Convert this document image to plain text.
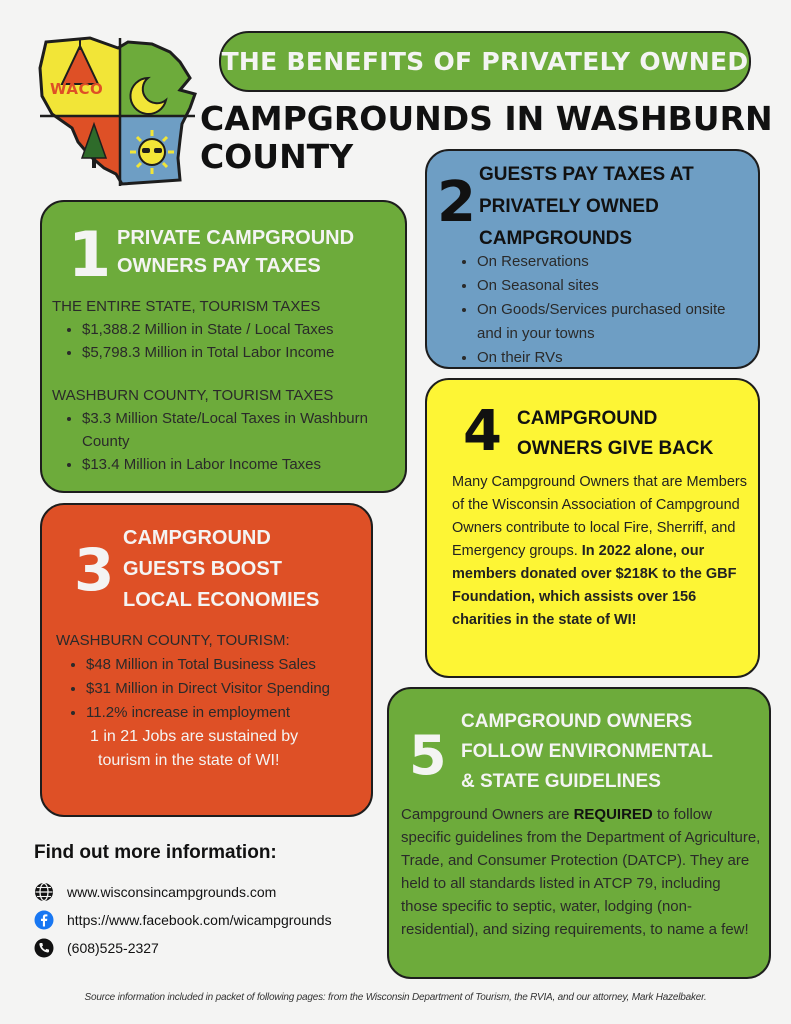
WACO
THE BENEFITS OF PRIVATELY OWNED
CAMPGROUNDS IN WASHBURN
COUNTY
1 PRIVATE CAMPGROUND
OWNERS PAY TAXES
THE ENTIRE STATE, TOURISM TAXES
• $1,388.2 Million in State / Local Taxes
• $5,798.3 Million in Total Labor Income
WASHBURN COUNTY, TOURISM TAXES
• $3.3 Million State/Local Taxes in Washburn County
• $13.4 Million in Labor Income Taxes
2 GUESTS PAY TAXES AT
PRIVATELY OWNED
CAMPGROUNDS
• On Reservations
• On Seasonal sites
• On Goods/Services purchased onsite and in your towns
• On their RVs
3 CAMPGROUND
GUESTS BOOST
LOCAL ECONOMIES
WASHBURN COUNTY, TOURISM:
• $48 Million in Total Business Sales
• $31 Million in Direct Visitor Spending
• 11.2% increase in employment
1 in 21 Jobs are sustained by
tourism in the state of WI!
4 CAMPGROUND
OWNERS GIVE BACK
Many Campground Owners that are Members of the Wisconsin Association of Campground Owners contribute to local Fire, Sherriff, and Emergency groups. In 2022 alone, our members donated over $218K to the GBF Foundation, which assists over 156 charities in the state of WI!
5
CAMPGROUND OWNERS
FOLLOW ENVIRONMENTAL
& STATE GUIDELINES
Campground Owners are REQUIRED to follow specific guidelines from the Department of Agriculture, Trade, and Consumer Protection (DATCP). They are held to all standards listed in ATCP 79, including those specific to septic, water, lodging (non-residential), and sizing requirements, to name a few!
Find out more information:
www.wisconsincampgrounds.com
https://www.facebook.com/wicampgrounds
(608)525-2327
Source information included in packet of following pages: from the Wisconsin Department of Tourism, the RVIA, and our attorney, Mark Hazelbaker.
